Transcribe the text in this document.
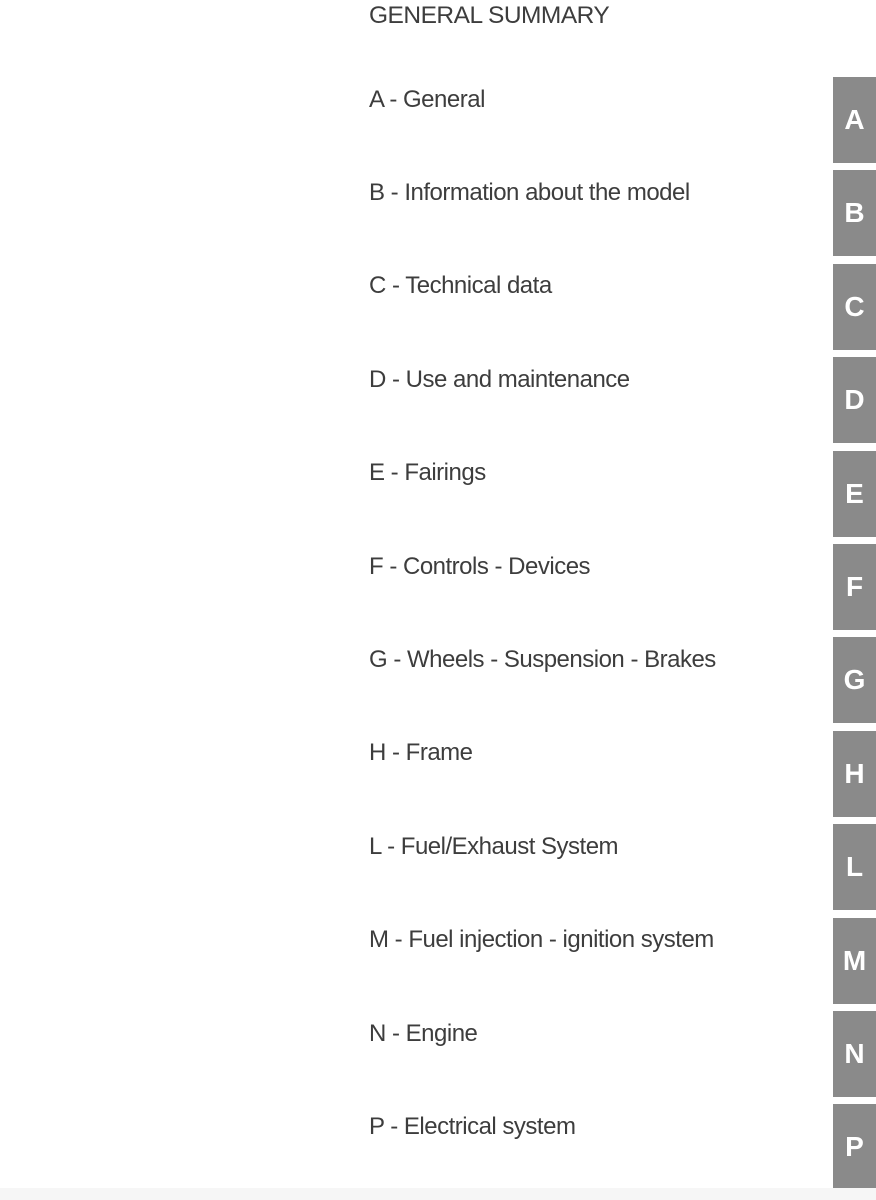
GENERAL SUMMARY
A - General
B - Information about the model
C - Technical data
D - Use and maintenance
E - Fairings
F - Controls - Devices
G - Wheels - Suspension - Brakes
H - Frame
L - Fuel/Exhaust System
M - Fuel injection - ignition system
N - Engine
P - Electrical system
A
B
C
D
E
F
G
H
L
M
N
P
